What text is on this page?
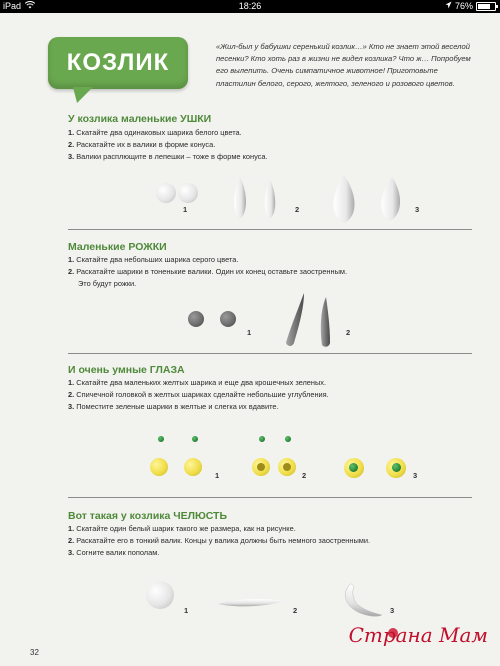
iPad	18:26	76%
КОЗЛИК
«Жил-был у бабушки серенький козлик…» Кто не знает этой веселой песенки? Кто хоть раз в жизни не видел козлика? Что ж… Попробуем его вылепить. Очень симпатичное животное! Приготовьте пластилин белого, серого, желтого, зеленого и розового цветов.
У козлика маленькие УШКИ
1. Скатайте два одинаковых шарика белого цвета.
2. Раскатайте их в валики в форме конуса.
3. Валики расплющите в лепешки – тоже в форме конуса.
1	2	3
Маленькие РОЖКИ
1. Скатайте два небольших шарика серого цвета.
2. Раскатайте шарики в тоненькие валики. Один их конец оставьте заостренным.
Это будут рожки.
1	2
И очень умные ГЛАЗА
1. Скатайте два маленьких желтых шарика и еще два крошечных зеленых.
2. Спичечной головкой в желтых шариках сделайте небольшие углубления.
3. Поместите зеленые шарики в желтые и слегка их вдавите.
1	2	3
Вот такая у козлика ЧЕЛЮСТЬ
1. Скатайте один белый шарик такого же размера, как на рисунке.
2. Раскатайте его в тонкий валик. Концы у валика должны быть немного заостренными.
3. Согните валик пополам.
1	2	3
32
Страна Мам
